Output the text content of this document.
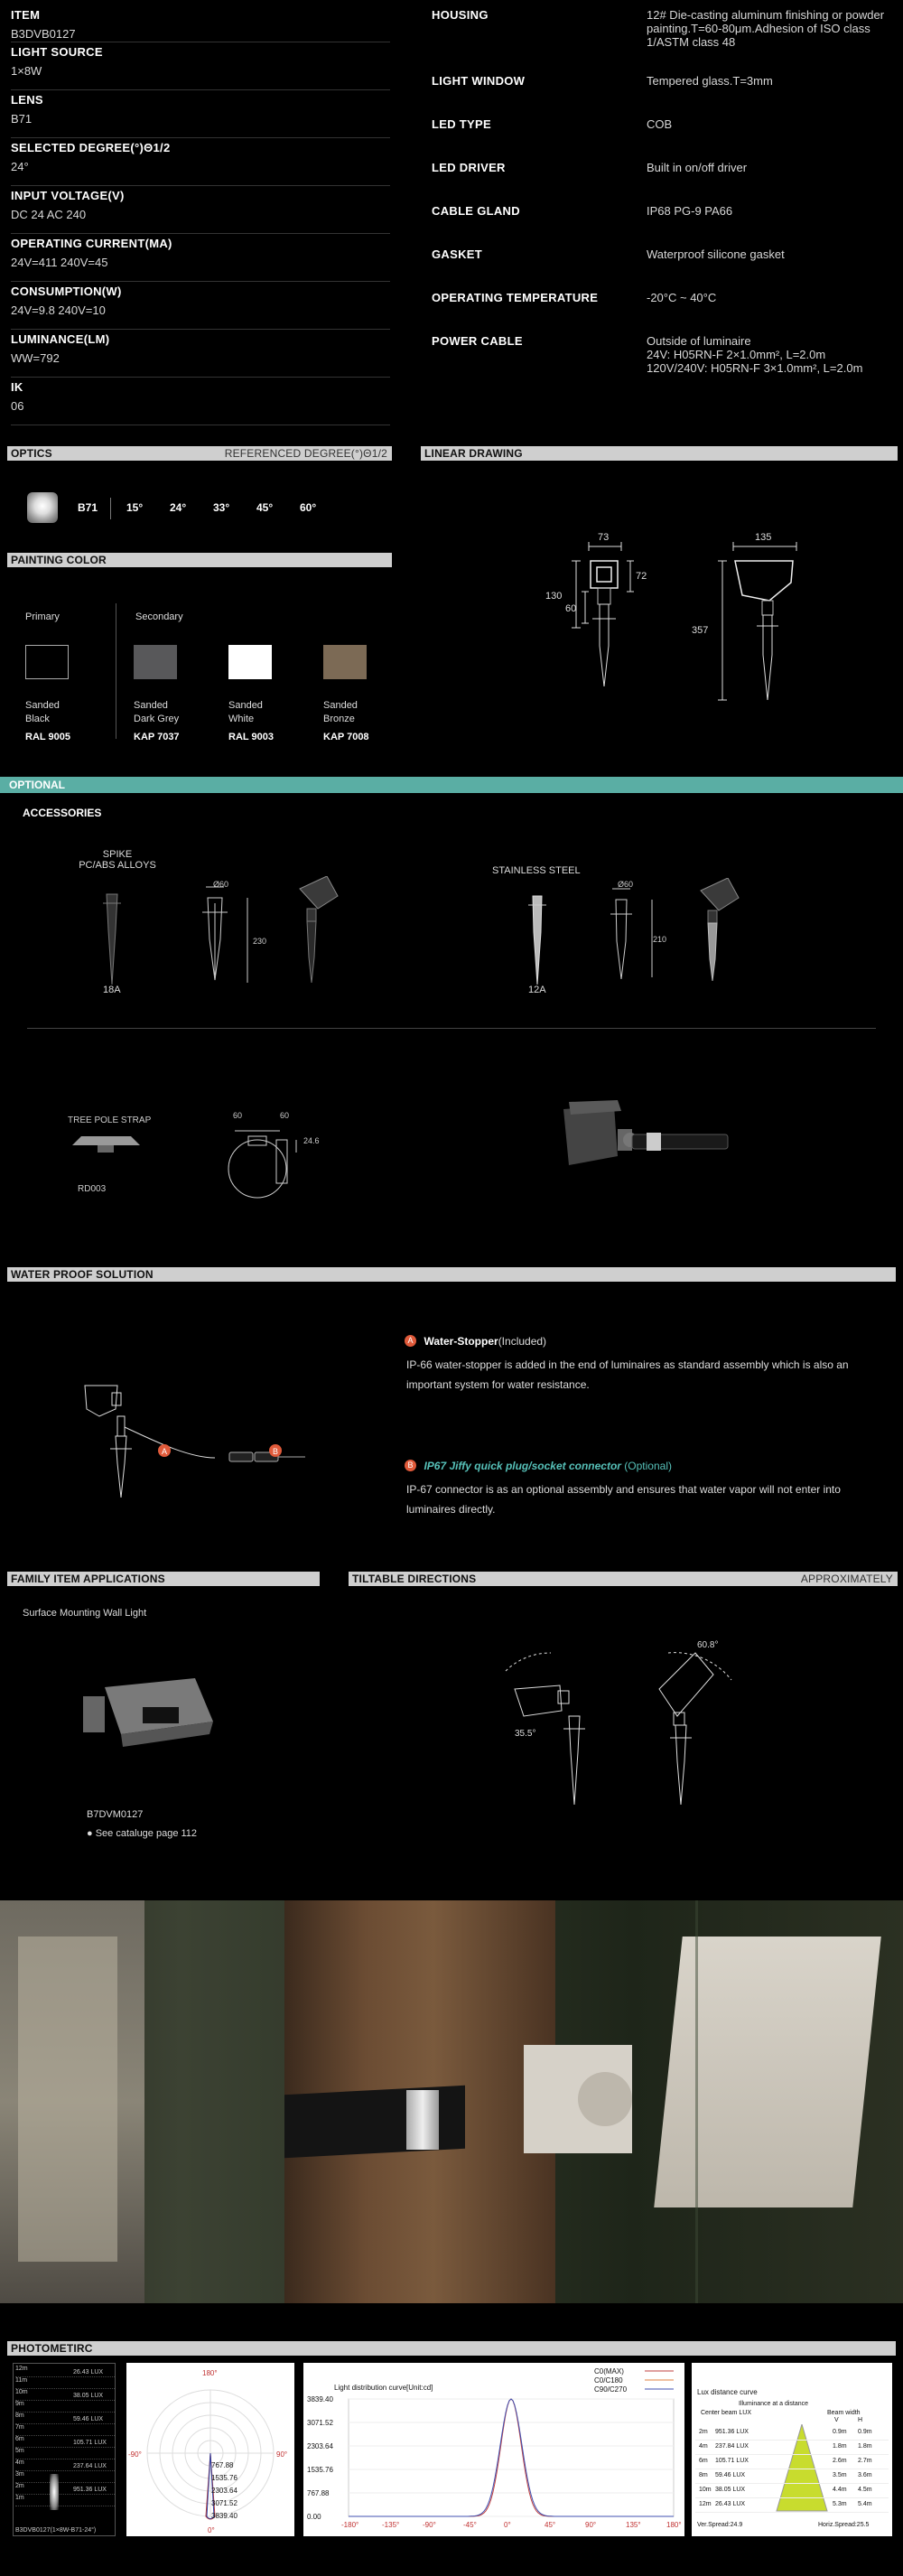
ITEM
B3DVB0127
LIGHT SOURCE
1×8W
LENS
B71
SELECTED DEGREE(°)Θ1/2
24°
INPUT VOLTAGE(V)
DC 24 AC 240
OPERATING CURRENT(MA)
24V=411 240V=45
CONSUMPTION(W)
24V=9.8 240V=10
LUMINANCE(LM)
WW=792
IK
06
HOUSING	12# Die-casting aluminum finishing or powder painting.T=60-80μm.Adhesion of ISO class 1/ASTM class 48
LIGHT WINDOW	Tempered glass.T=3mm
LED TYPE	COB
LED DRIVER	Built in on/off driver
CABLE GLAND	IP68 PG-9 PA66
GASKET	Waterproof silicone gasket
OPERATING TEMPERATURE	-20°C ~ 40°C
POWER CABLE	Outside of luminaire
24V: H05RN-F 2×1.0mm², L=2.0m
120V/240V: H05RN-F 3×1.0mm², L=2.0m
OPTICS	REFERENCED DEGREE(°)Θ1/2
B71	15° 24° 33° 45° 60°
LINEAR DRAWING
73
130
60
72
135
357
PAINTING COLOR
Primary	Secondary
Sanded
Black
RAL 9005
Sanded
Dark Grey
KAP 7037
Sanded
White
RAL 9003
Sanded
Bronze
KAP 7008
OPTIONAL
ACCESSORIES
SPIKE
PC/ABS ALLOYS
Ø60
230
18A
STAINLESS STEEL
Ø60
210
12A
TREE POLE STRAP	60	60
24.6
RD003
WATER PROOF SOLUTION
A	B
A Water-Stopper(Included)
IP-66 water-stopper is added in the end of luminaires as standard assembly which is also an important system for water resistance.
B IP67 Jiffy quick plug/socket connector (Optional)
IP-67 connector is as an optional assembly and ensures that water vapor will not enter into luminaires directly.
FAMILY ITEM APPLICATIONS	TILTABLE DIRECTIONS	APPROXIMATELY
Surface Mounting Wall Light
B7DVM0127
● See cataluge page 112
35.5°
60.8°
PHOTOMETIRC
12m
11m
10m
9m
8m
7m
6m
5m
4m
3m
2m
1m
26.43 LUX
38.05 LUX
59.46 LUX
105.71 LUX
237.64 LUX
951.36 LUX
B3DVB0127(1×8W-B71-24°)
180°
-90°	90°
0°
767.88
1535.76
2303.64
3071.52
3839.40
Light distribution curve[Unit:cd]
C0(MAX)
C0/C180
C90/C270
3839.40
3071.52
2303.64
1535.76
767.88
0.00
-180°	-135°	-90°	-45°	0°	45°	90°	135°	180°
Lux distance curve
Illuminance at a distance
Center beam LUX	Beam width
V	H
2m 951.36 LUX	0.9m 0.9m
4m 237.84 LUX	1.8m 1.8m
6m 105.71 LUX	2.6m 2.7m
8m 59.46 LUX	3.5m 3.6m
10m 38.05 LUX	4.4m 4.5m
12m 26.43 LUX	5.3m 5.4m
Ver.Spread:24.9	Horiz.Spread:25.5
